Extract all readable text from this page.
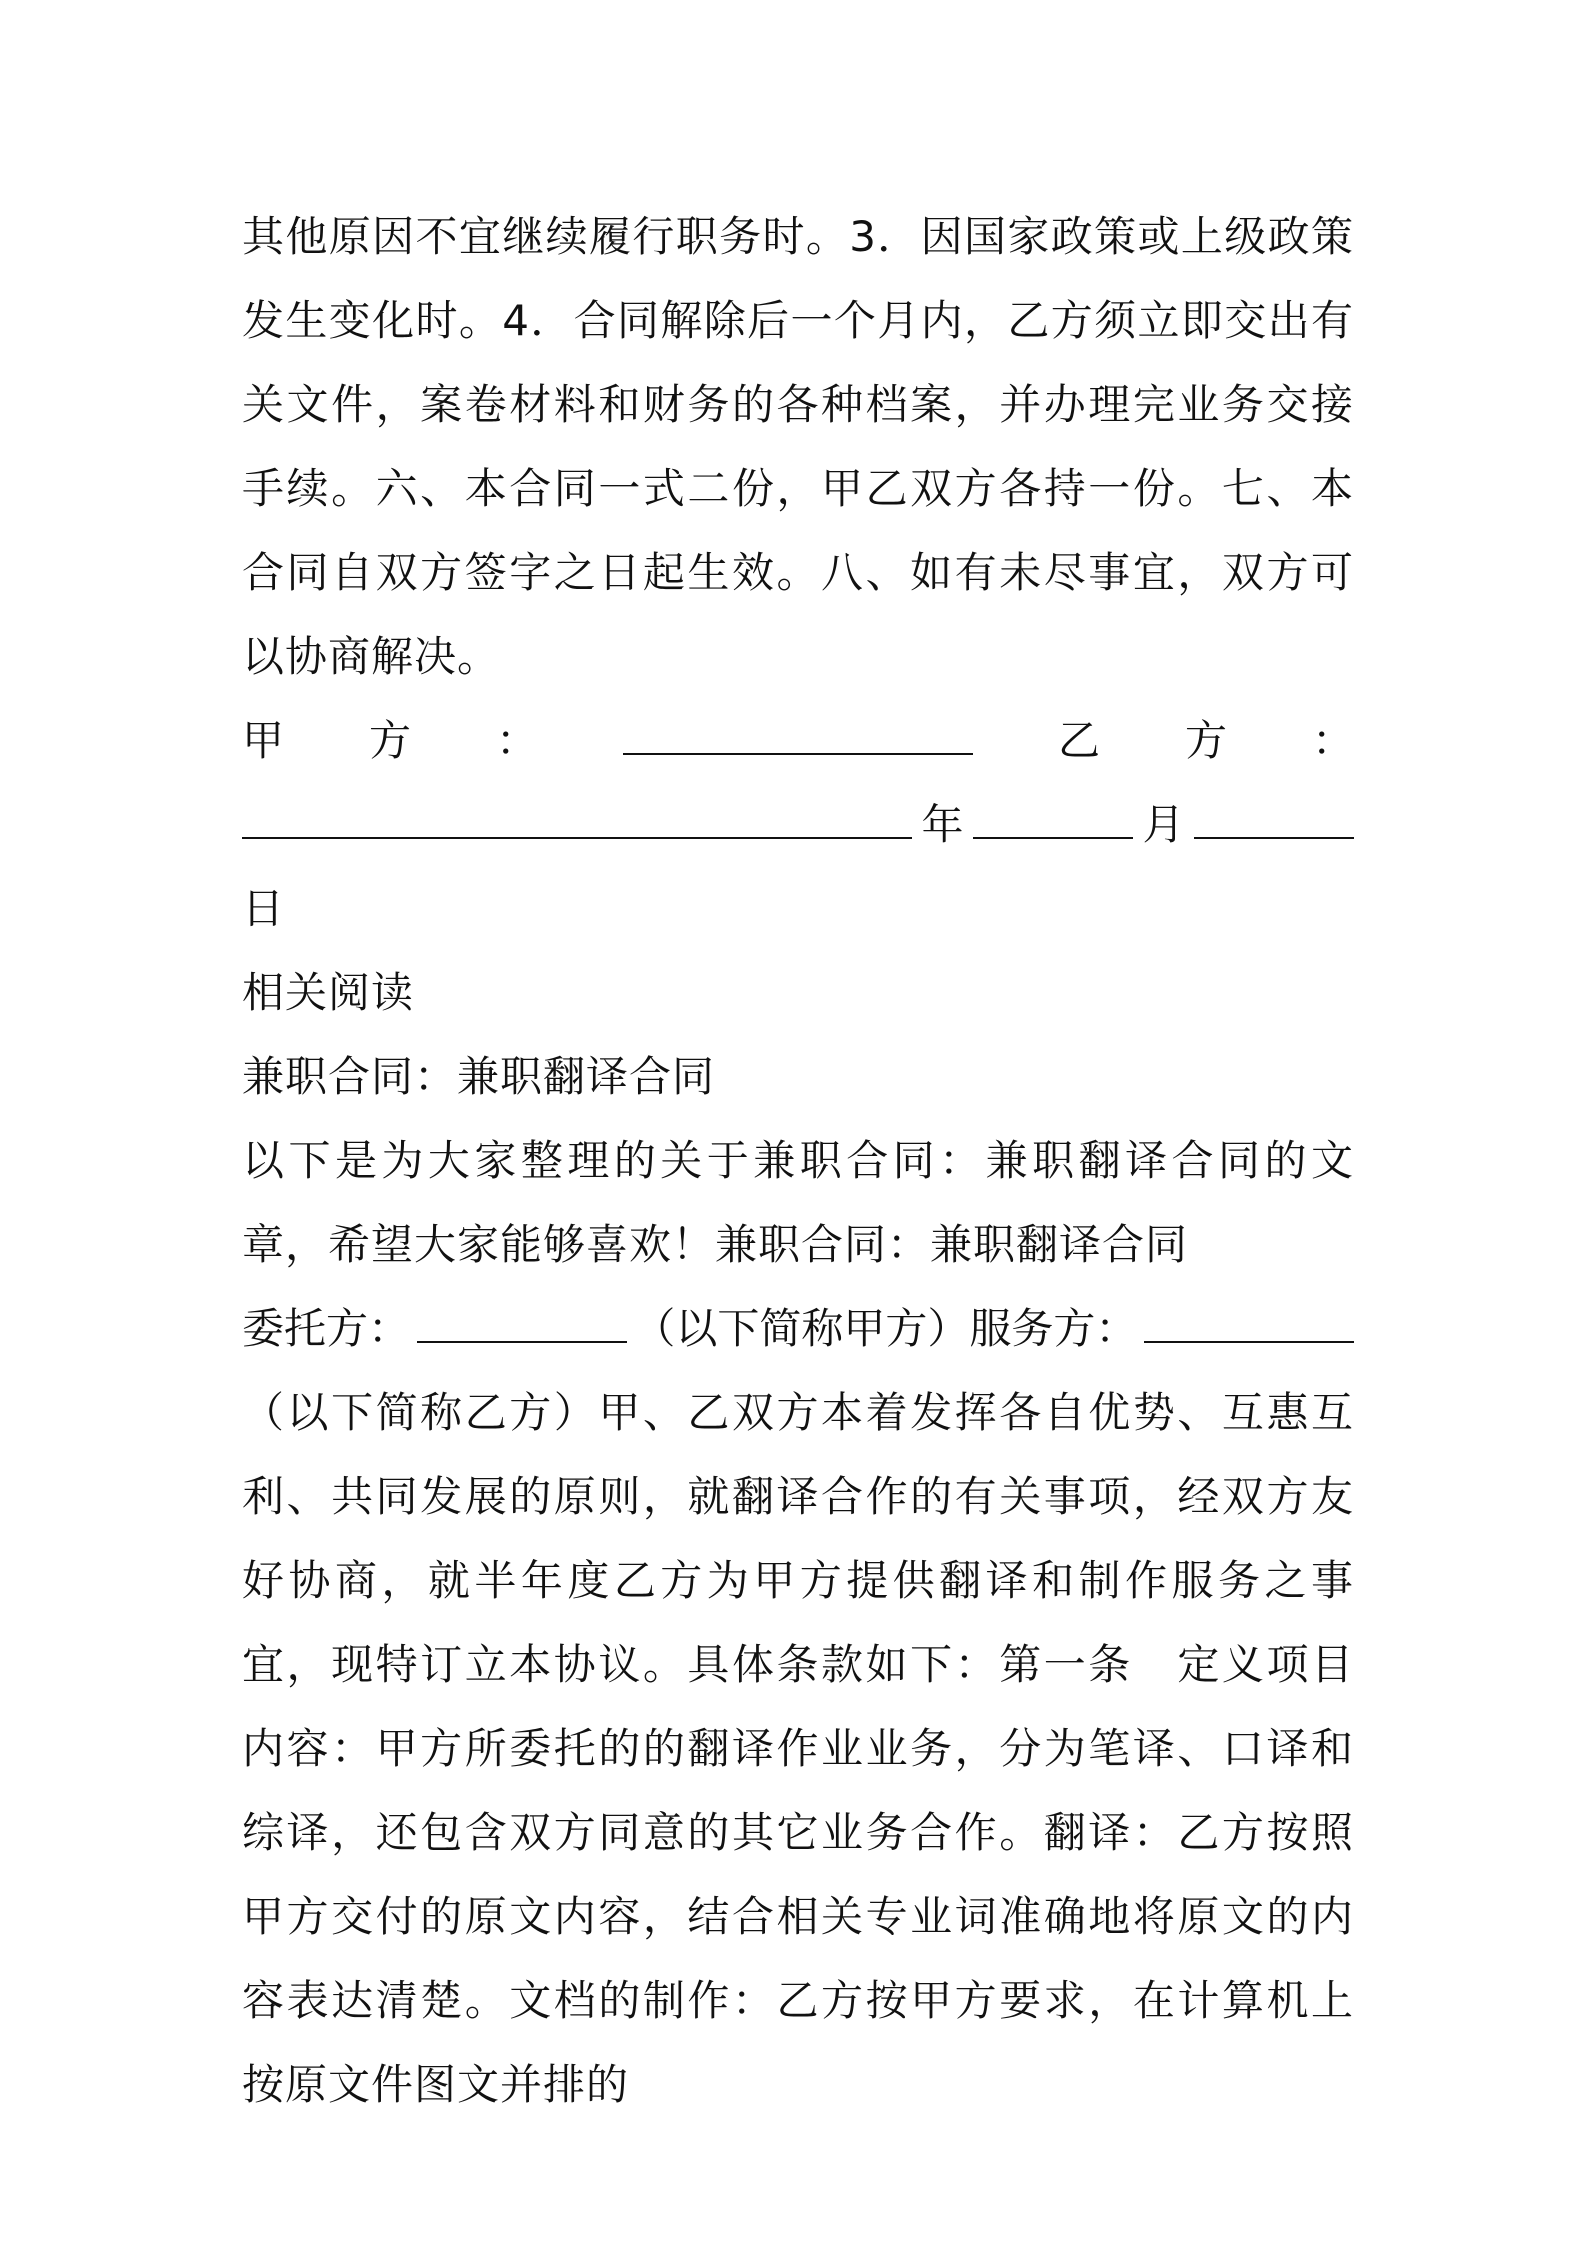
其他原因不宜继续履行职务时。3．因国家政策或上级政策发生变化时。4．合同解除后一个月内，乙方须立即交出有关文件，案卷材料和财务的各种档案，并办理完业务交接手续。六、本合同一式二份，甲乙双方各持一份。七、本合同自双方签字之日起生效。八、如有未尽事宜，双方可以协商解决。

甲 方 ：	乙 方 ：
年	月

日

相关阅读

兼职合同：兼职翻译合同

以下是为大家整理的关于兼职合同：兼职翻译合同的文章，希望大家能够喜欢！兼职合同：兼职翻译合同

委托方：	（以下简称甲方）服务方：

（以下简称乙方）甲、乙双方本着发挥各自优势、互惠互利、共同发展的原则，就翻译合作的有关事项，经双方友好协商，就半年度乙方为甲方提供翻译和制作服务之事宜，现特订立本协议。具体条款如下：第一条　定义项目内容：甲方所委托的的翻译作业业务，分为笔译、口译和综译，还包含双方同意的其它业务合作。翻译：乙方按照甲方交付的原文内容，结合相关专业词准确地将原文的内容表达清楚。文档的制作：乙方按甲方要求，在计算机上按原文件图文并排的
